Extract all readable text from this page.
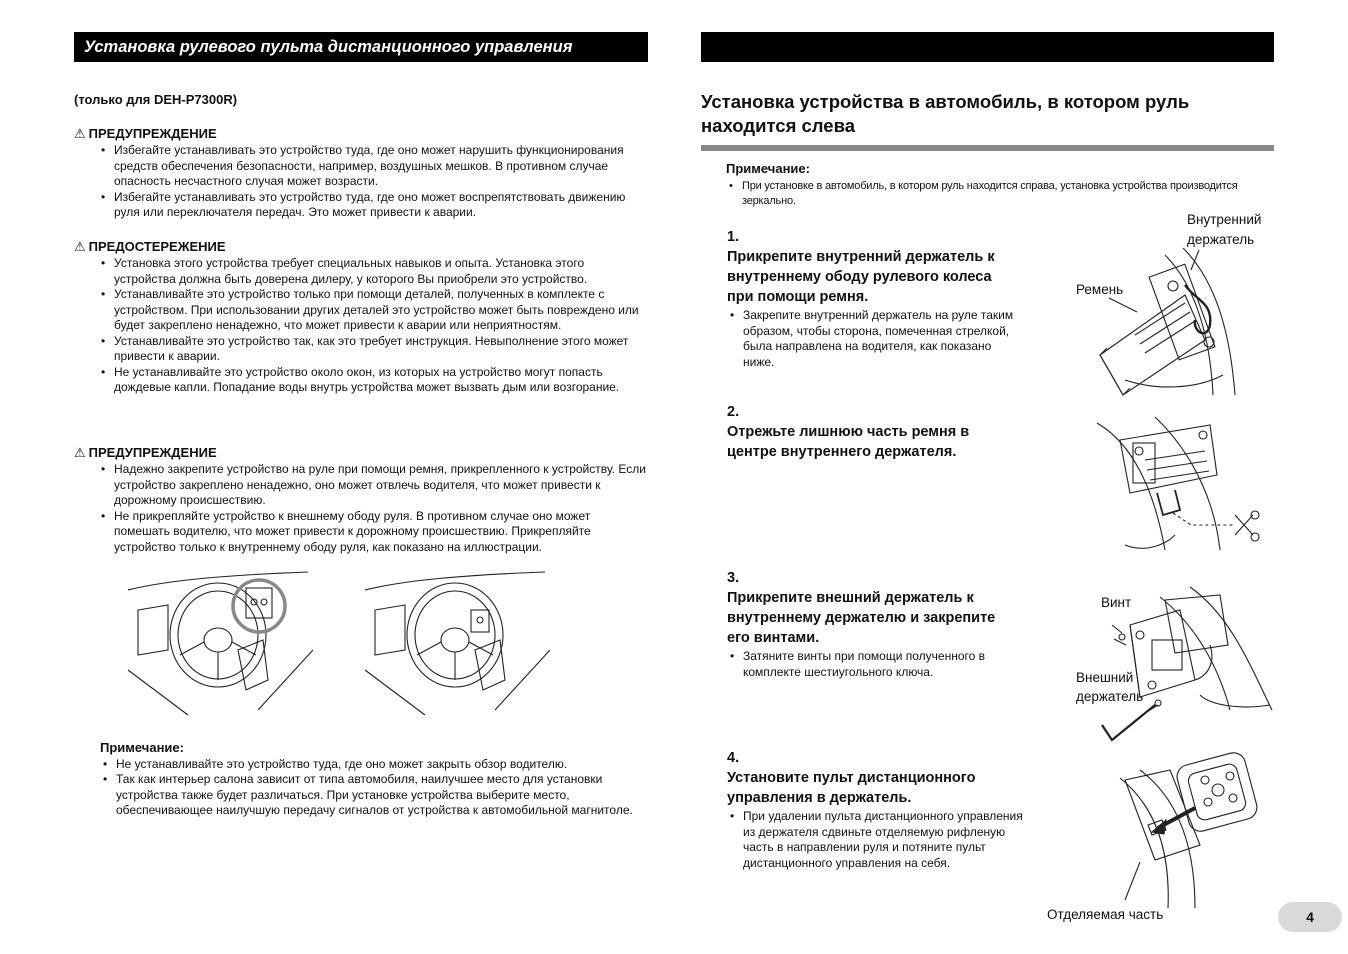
Установка рулевого пульта дистанционного управления
(только для DEH-P7300R)
⚠ ПРЕДУПРЕЖДЕНИЕ
• Избегайте устанавливать это устройство туда, где оно может нарушить функционирования средств обеспечения безопасности, например, воздушных мешков. В противном случае опасность несчастного случая может возрасти.
• Избегайте устанавливать это устройство туда, где оно может воспрепятствовать движению руля или переключателя передач. Это может привести к аварии.
⚠ ПРЕДОСТЕРЕЖЕНИЕ
• Установка этого устройства требует специальных навыков и опыта. Установка этого устройства должна быть доверена дилеру, у которого Вы приобрели это устройство.
• Устанавливайте это устройство только при помощи деталей, полученных в комплекте с устройством. При использовании других деталей это устройство может быть повреждено или будет закреплено ненадежно, что может привести к аварии или неприятностям.
• Устанавливайте это устройство так, как это требует инструкция. Невыполнение этого может привести к аварии.
• Не устанавливайте это устройство около окон, из которых на устройство могут попасть дождевые капли. Попадание воды внутрь устройства может вызвать дым или возгорание.
⚠ ПРЕДУПРЕЖДЕНИЕ
• Надежно закрепите устройство на руле при помощи ремня, прикрепленного к устройству. Если устройство закреплено ненадежно, оно может отвлечь водителя, что может привести к дорожному происшествию.
• Не прикрепляйте устройство к внешнему ободу руля. В противном случае оно может помешать водителю, что может привести к дорожному происшествию. Прикрепляйте устройство только к внутреннему ободу руля, как показано на иллюстрации.
Примечание:
• Не устанавливайте это устройство туда, где оно может закрыть обзор водителю.
• Так как интерьер салона зависит от типа автомобиля, наилучшее место для установки устройства также будет различаться. При установке устройства выберите место, обеспечивающее наилучшую передачу сигналов от устройства к автомобильной магнитоле.
Установка устройства в автомобиль, в котором руль находится слева
Примечание:
• При установке в автомобиль, в котором руль находится справа, установка устройства производится зеркально.
1.
Прикрепите внутренний держатель к внутреннему ободу рулевого колеса при помощи ремня.
• Закрепите внутренний держатель на руле таким образом, чтобы сторона, помеченная стрелкой, была направлена на водителя, как показано ниже.
2.
Отрежьте лишнюю часть ремня в центре внутреннего держателя.
3.
Прикрепите внешний держатель к внутреннему держателю и закрепите его винтами.
• Затяните винты при помощи полученного в комплекте шестиугольного ключа.
4.
Установите пульт дистанционного управления в держатель.
• При удалении пульта дистанционного управления из держателя сдвиньте отделяемую рифленую часть в направлении руля и потяните пульт дистанционного управления на себя.
Внутренний держатель
Ремень
Винт
Внешний держатель
Отделяемая часть	4
